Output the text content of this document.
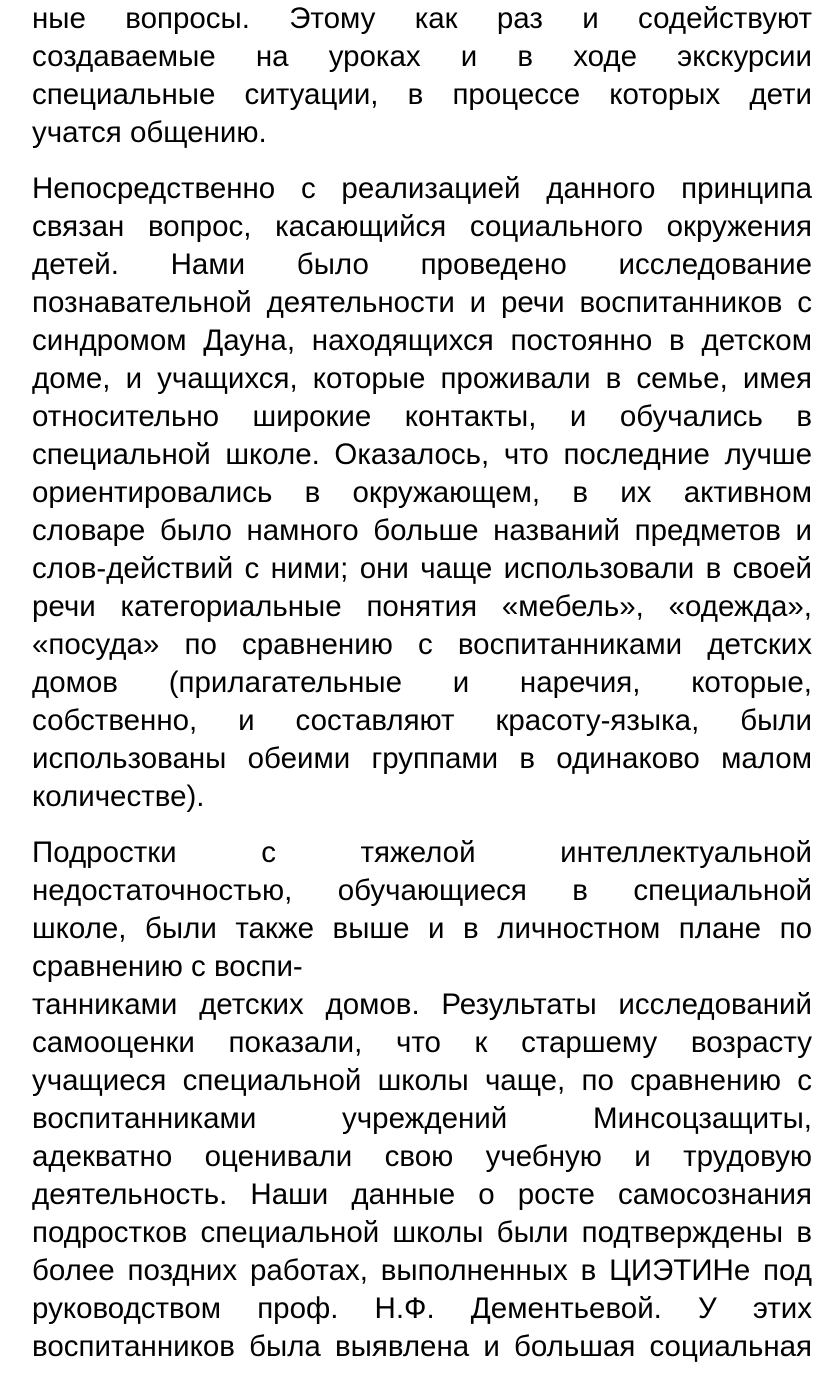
ные вопросы. Этому как раз и содействуют
создаваемые на уроках и в ходе экскурсии
специальные ситуации, в процессе которых дети
учатся общению.

Непосредственно с реализацией данного принципа
связан вопрос, касающийся социального окружения
детей. Нами было проведено исследование
познавательной деятельности и речи воспитанников с
синдромом Дауна, находящихся постоянно в детском
доме, и учащихся, которые проживали в семье, имея
относительно широкие контакты, и обучались в
специальной школе. Оказалось, что последние лучше
ориентировались в окружающем, в их активном
словаре было намного больше названий предметов и
слов-действий с ними; они чаще использовали в своей
речи категориальные понятия «мебель», «одежда»,
«посуда» по сравнению с воспитанниками детских
домов (прилагательные и наречия, которые,
собственно, и составляют красоту-языка, были
использованы обеими группами в одинаково малом
количестве).

Подростки с тяжелой интеллектуальной
недостаточностью, обучающиеся в специальной
школе, были также выше и в личностном плане по
сравнению с воспи-

танниками детских домов. Результаты исследований
самооценки показали, что к старшему возрасту
учащиеся специальной школы чаще, по сравнению с
воспитанниками учреждений Минсоцзащиты,
адекватно оценивали свою учебную и трудовую
деятельность. Наши данные о росте самосознания
подростков специальной школы были подтверждены в
более поздних работах, выполненных в ЦИЭТИНе под
руководством проф. Н.Ф. Дементьевой. У этих
воспитанников была выявлена и большая социальная
